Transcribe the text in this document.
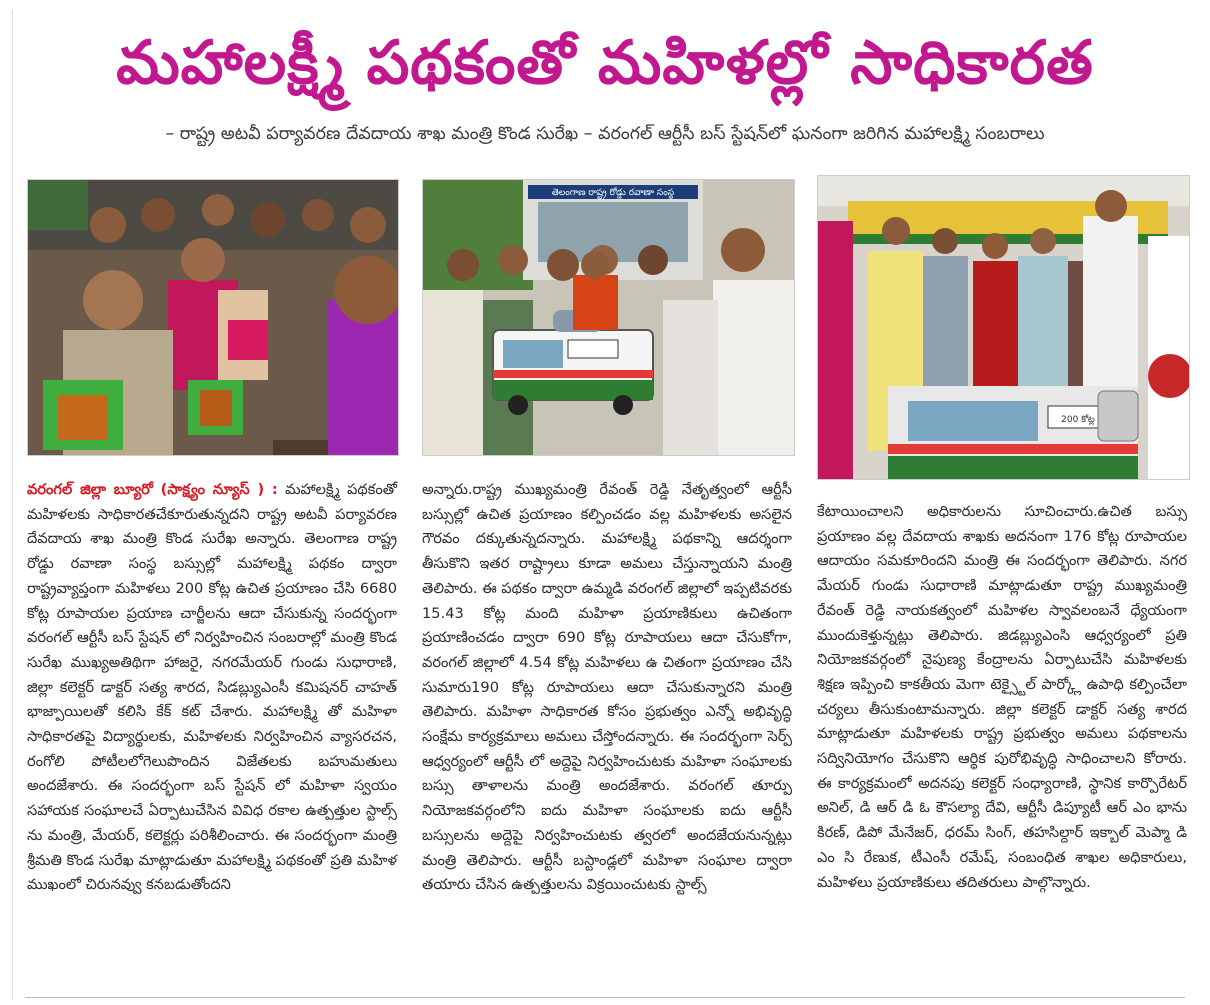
మహాలక్ష్మీ పథకంతో మహిళల్లో సాధికారత
– రాష్ట్ర అటవీ పర్యావరణ దేవదాయ శాఖ మంత్రి కొండ సురేఖ – వరంగల్ ఆర్టీసీ బస్ స్టేషన్‌లో ఘనంగా జరిగిన మహాలక్ష్మి సంబరాలు
తెలంగాణ రాష్ట్ర రోడ్డు రవాణా సంస్థ
200 కోట్ల

వరంగల్ జిల్లా బ్యూరో (సాక్ష్యం న్యూస్ ) : మహాలక్ష్మి పథకంతో మహిళలకు సాధికారతచేకూరుతున్నదని రాష్ట్ర అటవీ పర్యావరణ దేవదాయ శాఖ మంత్రి కొండ సురేఖ అన్నారు. తెలంగాణ రాష్ట్ర రోడ్డు రవాణా సంస్థ బస్సుల్లో మహాలక్ష్మి పథకం ద్వారా రాష్ట్రవ్యాప్తంగా మహిళలు 200 కోట్ల ఉచిత ప్రయాణం చేసి 6680 కోట్ల రూపాయల ప్రయాణ చార్జీలను ఆదా చేసుకున్న సందర్భంగా వరంగల్ ఆర్టీసీ బస్ స్టేషన్ లో నిర్వహించిన సంబరాల్లో మంత్రి కొండ సురేఖ ముఖ్యఅతిథిగా హాజరై, నగరమేయర్ గుండు సుధారాణి, జిల్లా కలెక్టర్ డాక్టర్ సత్య శారద, సిడబ్ల్యుఎంసీ కమిషనర్ చాహత్ భాజ్పాయిలతో కలిసి కేక్ కట్ చేశారు. మహాలక్ష్మి తో మహిళా సాధికారతపై విద్యార్థులకు, మహిళలకు నిర్వహించిన వ్యాసరచన, రంగోలి పోటీలలోగెలుపొందిన విజేతలకు బహుమతులు అందజేశారు. ఈ సందర్భంగా బస్ స్టేషన్ లో మహిళా స్వయం సహాయక సంఘాలచే ఏర్పాటుచేసిన వివిధ రకాల ఉత్పత్తుల స్టాల్స్ ను మంత్రి, మేయర్, కలెక్టర్లు పరిశీలించారు. ఈ సందర్భంగా మంత్రి శ్రీమతి కొండ సురేఖ మాట్లాడుతూ మహాలక్ష్మి పథకంతో ప్రతి మహిళ ముఖంలో చిరునవ్వు కనబడుతోందని

అన్నారు.రాష్ట్ర ముఖ్యమంత్రి రేవంత్ రెడ్డి నేతృత్వంలో ఆర్టీసీ బస్సుల్లో ఉచిత ప్రయాణం కల్పించడం వల్ల మహిళలకు అసలైన గౌరవం దక్కుతున్నదన్నారు. మహాలక్ష్మి పథకాన్ని ఆదర్శంగా తీసుకొని ఇతర రాష్ట్రాలు కూడా అమలు చేస్తున్నాయని మంత్రి తెలిపారు. ఈ పథకం ద్వారా ఉమ్మడి వరంగల్ జిల్లాలో ఇప్పటివరకు 15.43 కోట్ల మంది మహిళా ప్రయాణికులు ఉచితంగా ప్రయాణించడం ద్వారా 690 కోట్ల రూపాయలు ఆదా చేసుకోగా, వరంగల్ జిల్లాలో 4.54 కోట్ల మహిళలు ఉ చితంగా ప్రయాణం చేసి సుమారు190 కోట్ల రూపాయలు ఆదా చేసుకున్నారని మంత్రి తెలిపారు. మహిళా సాధికారత కోసం ప్రభుత్వం ఎన్నో అభివృద్ధి సంక్షేమ కార్యక్రమాలు అమలు చేస్తోందన్నారు. ఈ సందర్భంగా సెర్ప్ ఆధ్వర్యంలో ఆర్టీసీ లో అద్దెపై నిర్వహించుటకు మహిళా సంఘాలకు బస్సు తాళాలను మంత్రి అందజేశారు. వరంగల్ తూర్పు నియోజకవర్గంలోని ఐదు మహిళా సంఘాలకు ఐదు ఆర్టీసీ బస్సులను అద్దెపై నిర్వహించుటకు త్వరలో అందజేయనున్నట్లు మంత్రి తెలిపారు. ఆర్టీసీ బస్టాండ్లలో మహిళా సంఘాల ద్వారా తయారు చేసిన ఉత్పత్తులను విక్రయించుటకు స్టాల్స్

కేటాయించాలని అధికారులను సూచించారు.ఉచిత బస్సు ప్రయాణం వల్ల దేవదాయ శాఖకు అదనంగా 176 కోట్ల రూపాయల ఆదాయం సమకూరిందని మంత్రి ఈ సందర్భంగా తెలిపారు. నగర మేయర్ గుండు సుధారాణి మాట్లాడుతూ రాష్ట్ర ముఖ్యమంత్రి రేవంత్ రెడ్డి నాయకత్వంలో మహిళల స్వావలంబనే ధ్యేయంగా ముందుకెళ్తున్నట్లు తెలిపారు. జిడబ్ల్యుఎంసి ఆధ్వర్యంలో ప్రతి నియోజకవర్గంలో నైపుణ్య కేంద్రాలను ఏర్పాటుచేసి మహిళలకు శిక్షణ ఇప్పించి కాకతీయ మెగా టెక్స్టైల్ పార్క్లో ఉపాధి కల్పించేలా చర్యలు తీసుకుంటామన్నారు. జిల్లా కలెక్టర్ డాక్టర్ సత్య శారద మాట్లాడుతూ మహిళలకు రాష్ట్ర ప్రభుత్వం అమలు పథకాలను సద్వినియోగం చేసుకొని ఆర్థిక పురోభివృద్ధి సాధించాలని కోరారు. ఈ కార్యక్రమంలో అదనపు కలెక్టర్ సంధ్యారాణి, స్థానిక కార్పొరేటర్ అనిల్, డి ఆర్ డి ఓ కౌసల్యా దేవి, ఆర్టీసీ డిప్యూటీ ఆర్ ఎం భాను కిరణ్, డిపో మేనేజర్, ధరమ్ సింగ్, తహసిల్దార్ ఇక్బాల్ మెప్మా డి ఎం సి రేణుక, టీఎంసీ రమేష్, సంబంధిత శాఖల అధికారులు, మహిళలు ప్రయాణికులు తదితరులు పాల్గొన్నారు.
